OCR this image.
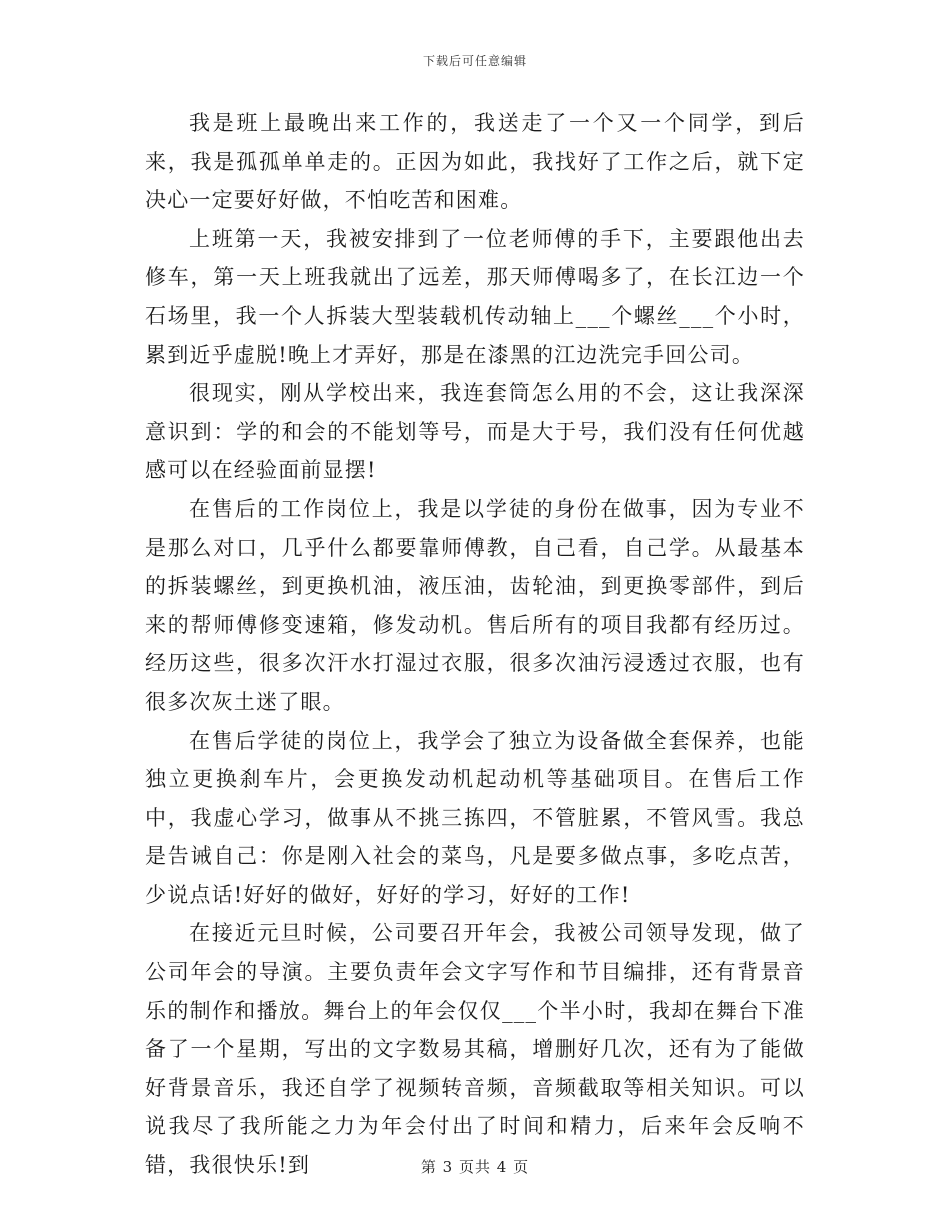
下载后可任意编辑

我是班上最晚出来工作的，我送走了一个又一个同学，到后来，我是孤孤单单走的。正因为如此，我找好了工作之后，就下定决心一定要好好做，不怕吃苦和困难。

上班第一天，我被安排到了一位老师傅的手下，主要跟他出去修车，第一天上班我就出了远差，那天师傅喝多了，在长江边一个石场里，我一个人拆装大型装载机传动轴上___个螺丝___个小时，累到近乎虚脱!晚上才弄好，那是在漆黑的江边洗完手回公司。

很现实，刚从学校出来，我连套筒怎么用的不会，这让我深深意识到：学的和会的不能划等号，而是大于号，我们没有任何优越感可以在经验面前显摆!

在售后的工作岗位上，我是以学徒的身份在做事，因为专业不是那么对口，几乎什么都要靠师傅教，自己看，自己学。从最基本的拆装螺丝，到更换机油，液压油，齿轮油，到更换零部件，到后来的帮师傅修变速箱，修发动机。售后所有的项目我都有经历过。经历这些，很多次汗水打湿过衣服，很多次油污浸透过衣服，也有很多次灰土迷了眼。

在售后学徒的岗位上，我学会了独立为设备做全套保养，也能独立更换刹车片，会更换发动机起动机等基础项目。在售后工作中，我虚心学习，做事从不挑三拣四，不管脏累，不管风雪。我总是告诫自己：你是刚入社会的菜鸟，凡是要多做点事，多吃点苦，少说点话!好好的做好，好好的学习，好好的工作!

在接近元旦时候，公司要召开年会，我被公司领导发现，做了公司年会的导演。主要负责年会文字写作和节目编排，还有背景音乐的制作和播放。舞台上的年会仅仅___个半小时，我却在舞台下准备了一个星期，写出的文字数易其稿，增删好几次，还有为了能做好背景音乐，我还自学了视频转音频，音频截取等相关知识。可以说我尽了我所能之力为年会付出了时间和精力，后来年会反响不错，我很快乐!到	第 3 页共 4 页
